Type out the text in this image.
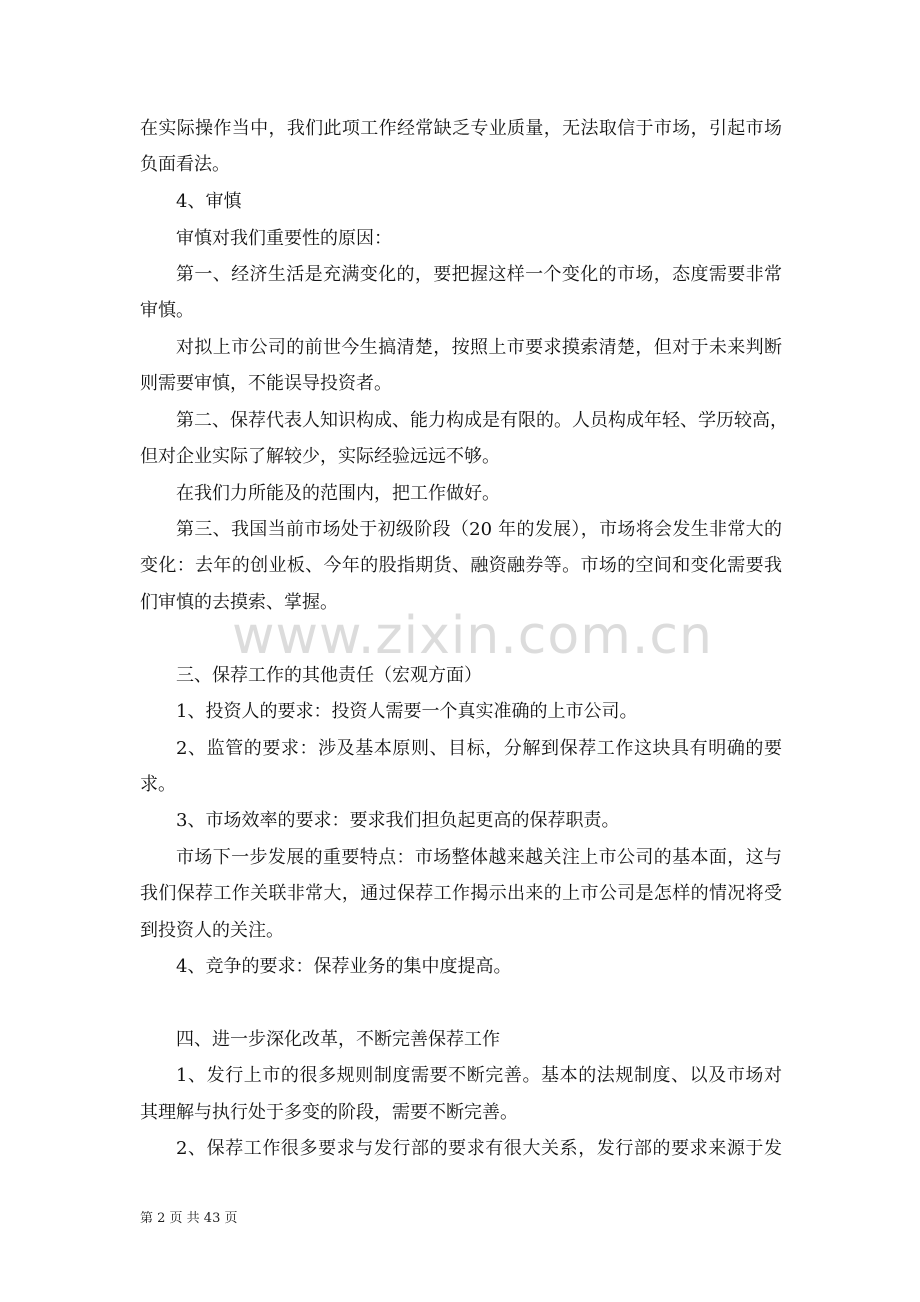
在实际操作当中，我们此项工作经常缺乏专业质量，无法取信于市场，引起市场

负面看法。

4、审慎

审慎对我们重要性的原因：

第一、经济生活是充满变化的，要把握这样一个变化的市场，态度需要非常

审慎。

对拟上市公司的前世今生搞清楚，按照上市要求摸索清楚，但对于未来判断

则需要审慎，不能误导投资者。

第二、保荐代表人知识构成、能力构成是有限的。人员构成年轻、学历较高，

但对企业实际了解较少，实际经验远远不够。

在我们力所能及的范围内，把工作做好。

第三、我国当前市场处于初级阶段（20 年的发展），市场将会发生非常大的

变化：去年的创业板、今年的股指期货、融资融券等。市场的空间和变化需要我

们审慎的去摸索、掌握。

www.zixin.com.cn

三、保荐工作的其他责任（宏观方面）

1、投资人的要求：投资人需要一个真实准确的上市公司。

2、监管的要求：涉及基本原则、目标，分解到保荐工作这块具有明确的要

求。

3、市场效率的要求：要求我们担负起更高的保荐职责。

市场下一步发展的重要特点：市场整体越来越关注上市公司的基本面，这与

我们保荐工作关联非常大，通过保荐工作揭示出来的上市公司是怎样的情况将受

到投资人的关注。

4、竞争的要求：保荐业务的集中度提高。

四、进一步深化改革，不断完善保荐工作

1、发行上市的很多规则制度需要不断完善。基本的法规制度、以及市场对

其理解与执行处于多变的阶段，需要不断完善。

2、保荐工作很多要求与发行部的要求有很大关系，发行部的要求来源于发

第 2 页 共 43 页
